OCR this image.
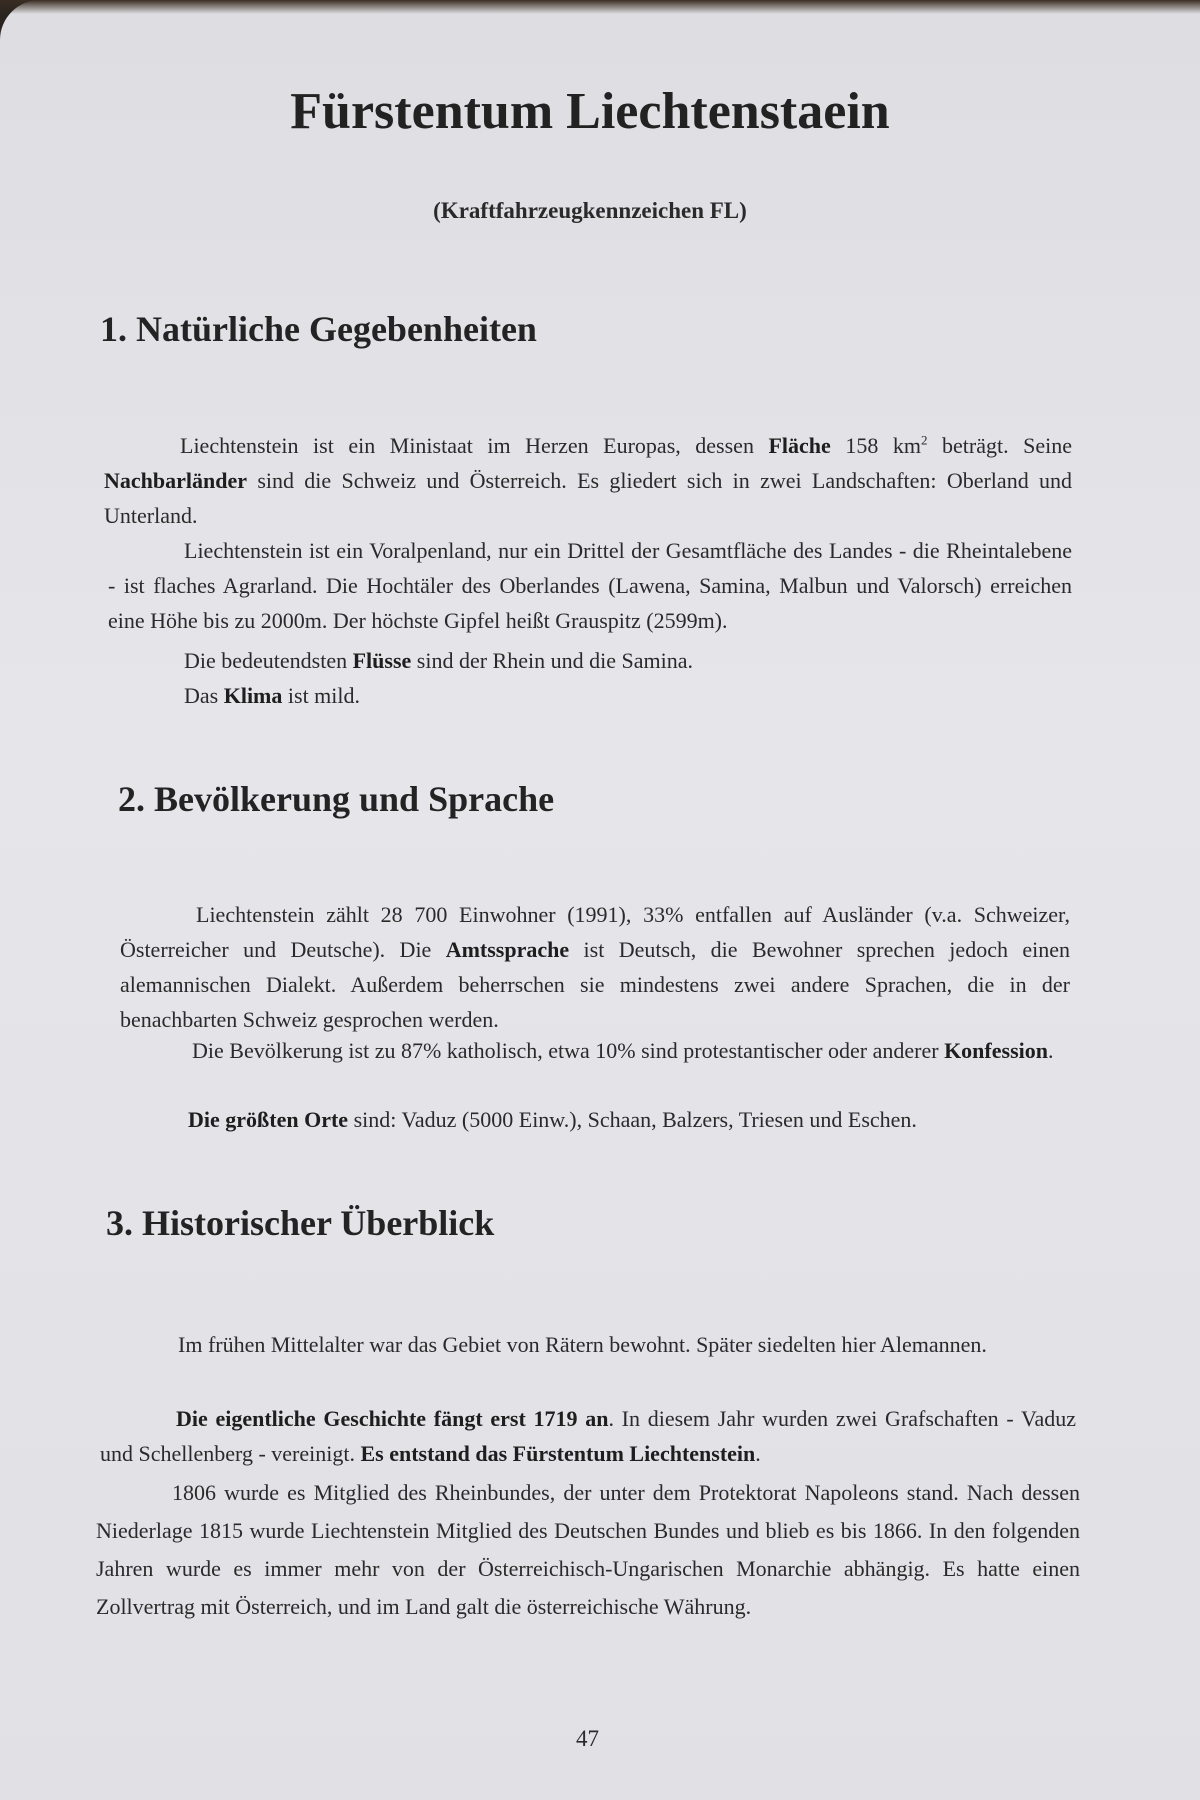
Fürstentum Liechtenstaein
(Kraftfahrzeugkennzeichen FL)
1. Natürliche Gegebenheiten

Liechtenstein ist ein Ministaat im Herzen Europas, dessen Fläche 158 $km^2$ beträgt. Seine Nachbarländer sind die Schweiz und Österreich. Es gliedert sich in zwei Landschaften: Oberland und Unterland.

Liechtenstein ist ein Voralpenland, nur ein Drittel der Gesamtfläche des Landes - die Rheintalebene - ist flaches Agrarland. Die Hochtäler des Oberlandes (Lawena, Samina, Malbun und Valorsch) erreichen eine Höhe bis zu 2000m. Der höchste Gipfel heißt Grauspitz (2599m).

Die bedeutendsten Flüsse sind der Rhein und die Samina.

Das Klima ist mild.

2. Bevölkerung und Sprache

Liechtenstein zählt 28 700 Einwohner (1991), 33% entfallen auf Ausländer (v.a. Schweizer, Österreicher und Deutsche). Die Amtssprache ist Deutsch, die Bewohner sprechen jedoch einen alemannischen Dialekt. Außerdem beherrschen sie mindestens zwei andere Sprachen, die in der benachbarten Schweiz gesprochen werden.

Die Bevölkerung ist zu 87% katholisch, etwa 10% sind protestantischer oder anderer Konfession.

Die größten Orte sind: Vaduz (5000 Einw.), Schaan, Balzers, Triesen und Eschen.

3. Historischer Überblick

Im frühen Mittelalter war das Gebiet von Rätern bewohnt. Später siedelten hier Alemannen.

Die eigentliche Geschichte fängt erst 1719 an. In diesem Jahr wurden zwei Grafschaften - Vaduz und Schellenberg - vereinigt. Es entstand das Fürstentum Liechtenstein.

1806 wurde es Mitglied des Rheinbundes, der unter dem Protektorat Napoleons stand. Nach dessen Niederlage 1815 wurde Liechtenstein Mitglied des Deutschen Bundes und blieb es bis 1866. In den folgenden Jahren wurde es immer mehr von der Österreichisch-Ungarischen Monarchie abhängig. Es hatte einen Zollvertrag mit Österreich, und im Land galt die österreichische Währung.

47
